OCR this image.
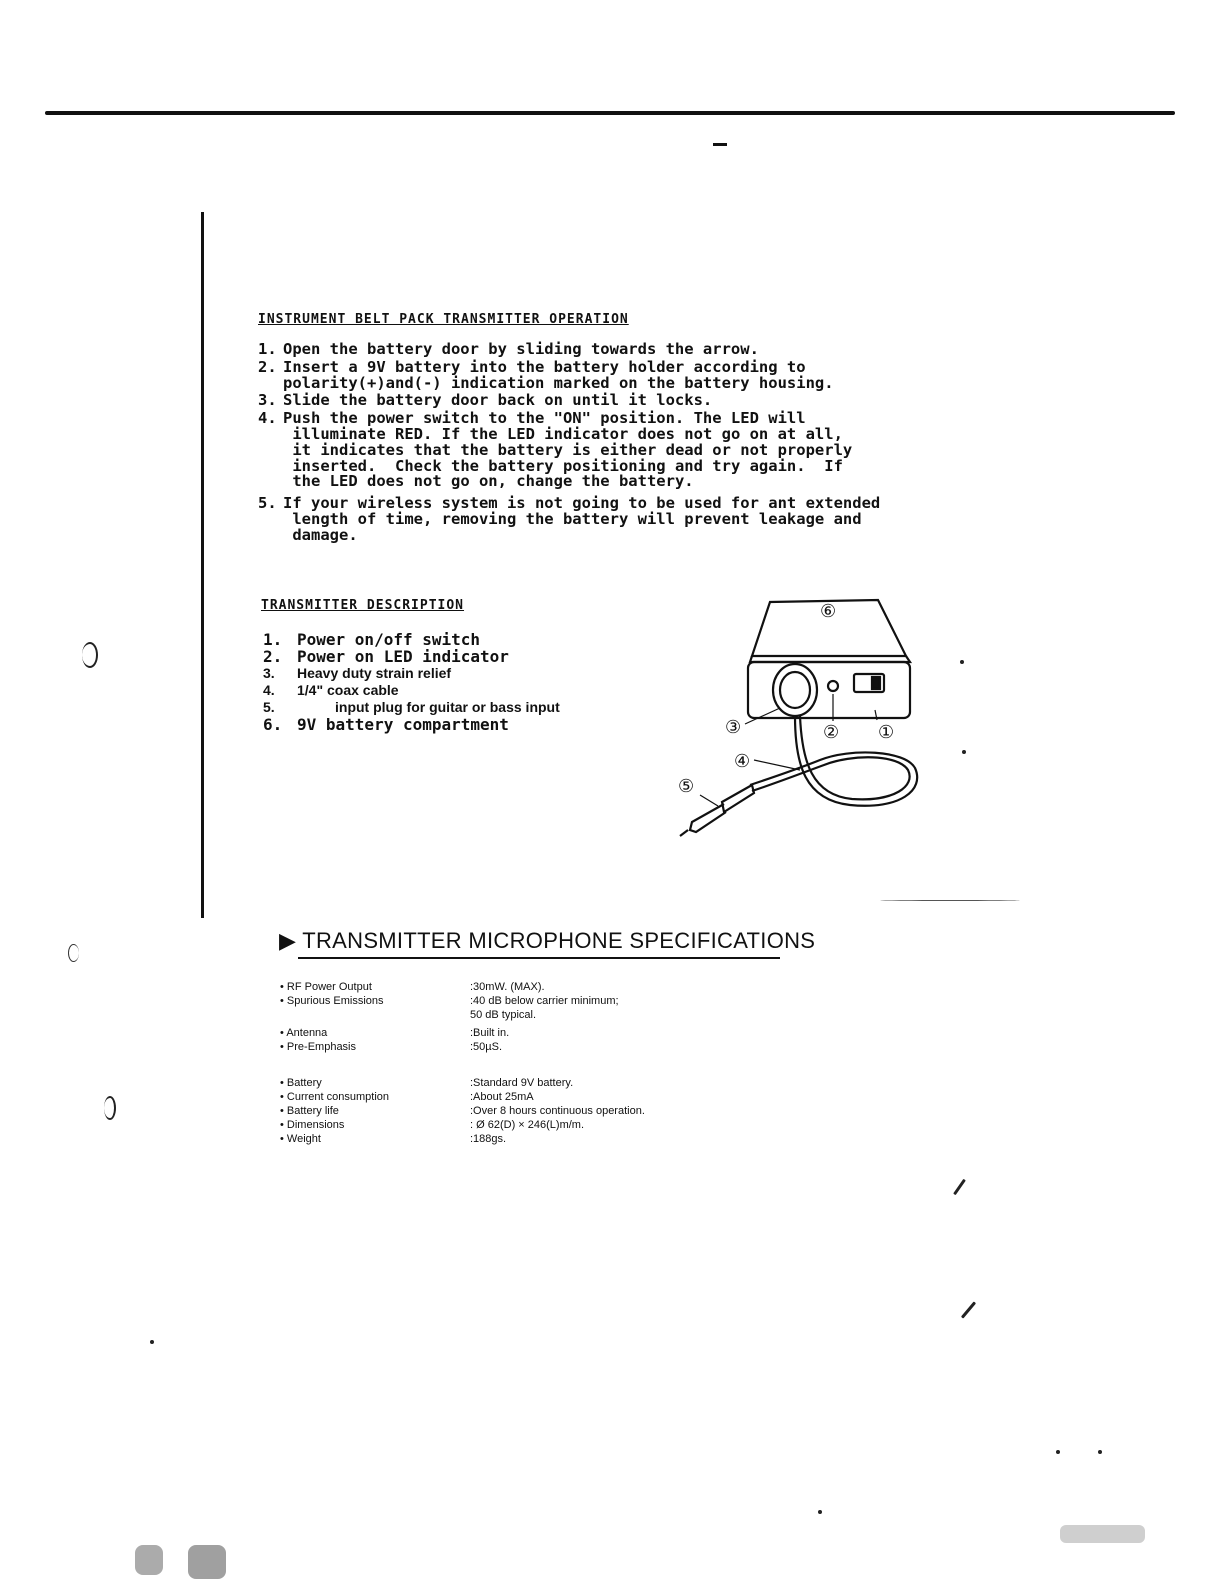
INSTRUMENT BELT PACK TRANSMITTER OPERATION
1. Open the battery door by sliding towards the arrow.
2. Insert a 9V battery into the battery holder according to
polarity(+)and(-) indication marked on the battery housing.
3. Slide the battery door back on until it locks.
4. Push the power switch to the "ON" position. The LED will
illuminate RED. If the LED indicator does not go on at all,
it indicates that the battery is either dead or not properly
inserted.  Check the battery positioning and try again.  If
the LED does not go on, change the battery.
5. If your wireless system is not going to be used for ant extended
length of time, removing the battery will prevent leakage and
damage.
TRANSMITTER DESCRIPTION
1. Power on/off switch
2. Power on LED indicator
3.	Heavy duty strain relief
4.	1/4" coax cable
5.	input plug for guitar or bass input
6. 9V battery compartment
⑥
①
②
③
④
⑤
▶ TRANSMITTER MICROPHONE SPECIFICATIONS
• RF Power Output	:30mW. (MAX).
• Spurious Emissions	:40 dB below carrier minimum;
50 dB typical.
• Antenna	:Built in.
• Pre-Emphasis	:50µS.
• Battery	:Standard 9V battery.
• Current consumption	:About 25mA
• Battery life	:Over 8 hours continuous operation.
• Dimensions	: Ø 62(D) × 246(L)m/m.
• Weight	:188gs.
